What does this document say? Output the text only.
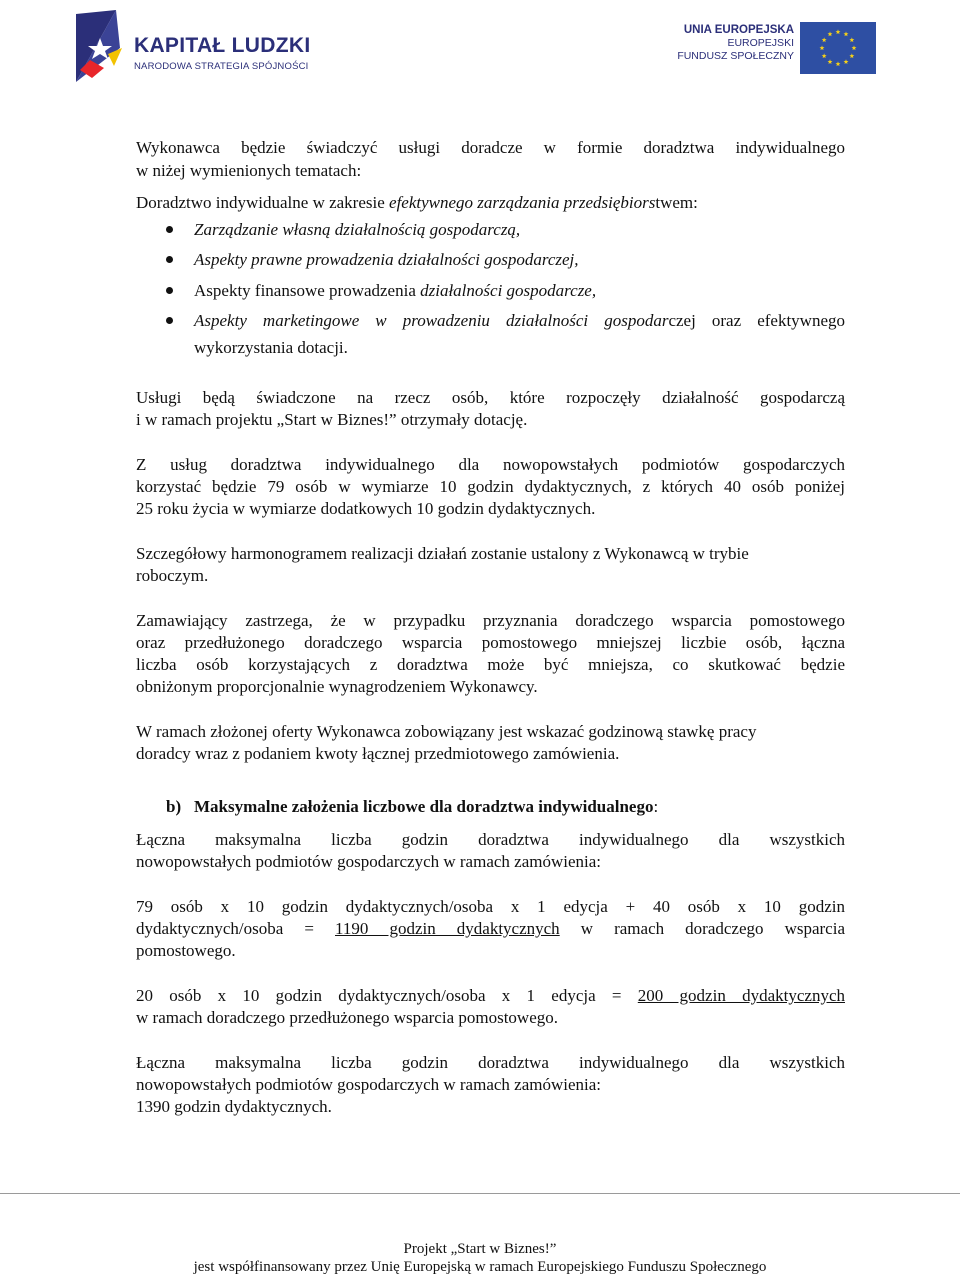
KAPITAŁ LUDZKI
NARODOWA STRATEGIA SPÓJNOŚCI
UNIA EUROPEJSKA
EUROPEJSKI
FUNDUSZ SPOŁECZNY
Wykonawca będzie świadczyć usługi doradcze w formie doradztwa indywidualnego
w niżej wymienionych tematach:
Doradztwo indywidualne w zakresie efektywnego zarządzania przedsiębiorstwem:
Zarządzanie własną działalnością gospodarczą,
Aspekty prawne prowadzenia działalności gospodarczej,
Aspekty finansowe prowadzenia działalności gospodarcze,
Aspekty marketingowe w prowadzeniu działalności gospodarczej oraz efektywnego
wykorzystania dotacji.
Usługi będą świadczone na rzecz osób, które rozpoczęły działalność gospodarczą
i w ramach projektu „Start w Biznes!” otrzymały dotację.
Z usług doradztwa indywidualnego dla nowopowstałych podmiotów gospodarczych
korzystać będzie 79 osób w wymiarze 10 godzin dydaktycznych, z których 40 osób poniżej
25 roku życia w wymiarze dodatkowych 10 godzin dydaktycznych.
Szczegółowy harmonogramem realizacji działań zostanie ustalony z Wykonawcą w trybie
roboczym.
Zamawiający zastrzega, że w przypadku przyznania doradczego wsparcia pomostowego
oraz przedłużonego doradczego wsparcia pomostowego mniejszej liczbie osób, łączna
liczba osób korzystających z doradztwa może być mniejsza, co skutkować będzie
obniżonym proporcjonalnie wynagrodzeniem Wykonawcy.
W ramach złożonej oferty Wykonawca zobowiązany jest wskazać godzinową stawkę pracy
doradcy wraz z podaniem kwoty łącznej przedmiotowego zamówienia.
b) Maksymalne założenia liczbowe dla doradztwa indywidualnego:
Łączna maksymalna liczba godzin doradztwa indywidualnego dla wszystkich
nowopowstałych podmiotów gospodarczych w ramach zamówienia:
79 osób x 10 godzin dydaktycznych/osoba x 1 edycja + 40 osób x 10 godzin
dydaktycznych/osoba = 1190 godzin dydaktycznych w ramach doradczego wsparcia
pomostowego.
20 osób x 10 godzin dydaktycznych/osoba x 1 edycja = 200 godzin dydaktycznych
w ramach doradczego przedłużonego wsparcia pomostowego.
Łączna maksymalna liczba godzin doradztwa indywidualnego dla wszystkich
nowopowstałych podmiotów gospodarczych w ramach zamówienia:
1390 godzin dydaktycznych.
Projekt „Start w Biznes!”
jest współfinansowany przez Unię Europejską w ramach Europejskiego Funduszu Społecznego
